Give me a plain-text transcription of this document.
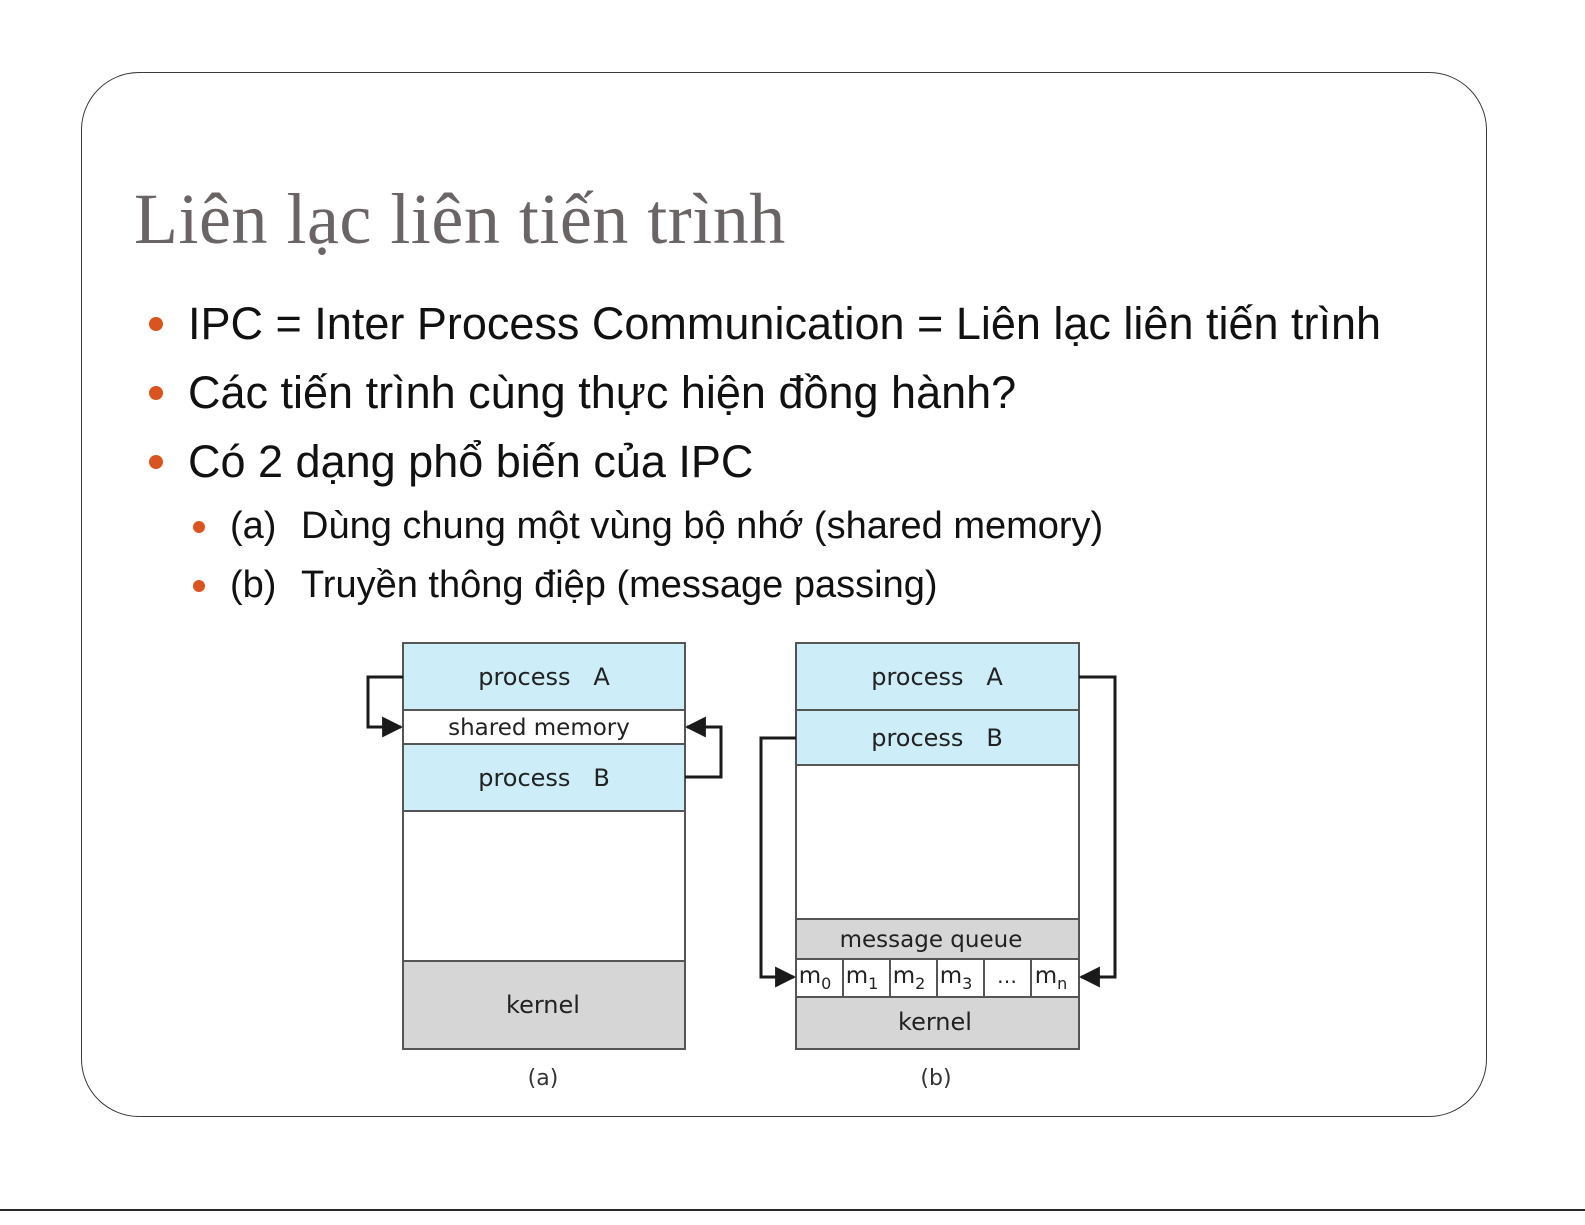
Liên lạc liên tiến trình
IPC = Inter Process Communication = Liên lạc liên tiến trình
Các tiến trình cùng thực hiện đồng hành?
Có 2 dạng phổ biến của IPC
(a) Dùng chung một vùng bộ nhớ (shared memory)
(b) Truyền thông điệp (message passing)
process   A
shared memory
process   B
kernel
(a)
process   A
process   B
message queue
$m_0$ $m_1$ $m_2$ $m_3$ … $m_n$
kernel
(b)
